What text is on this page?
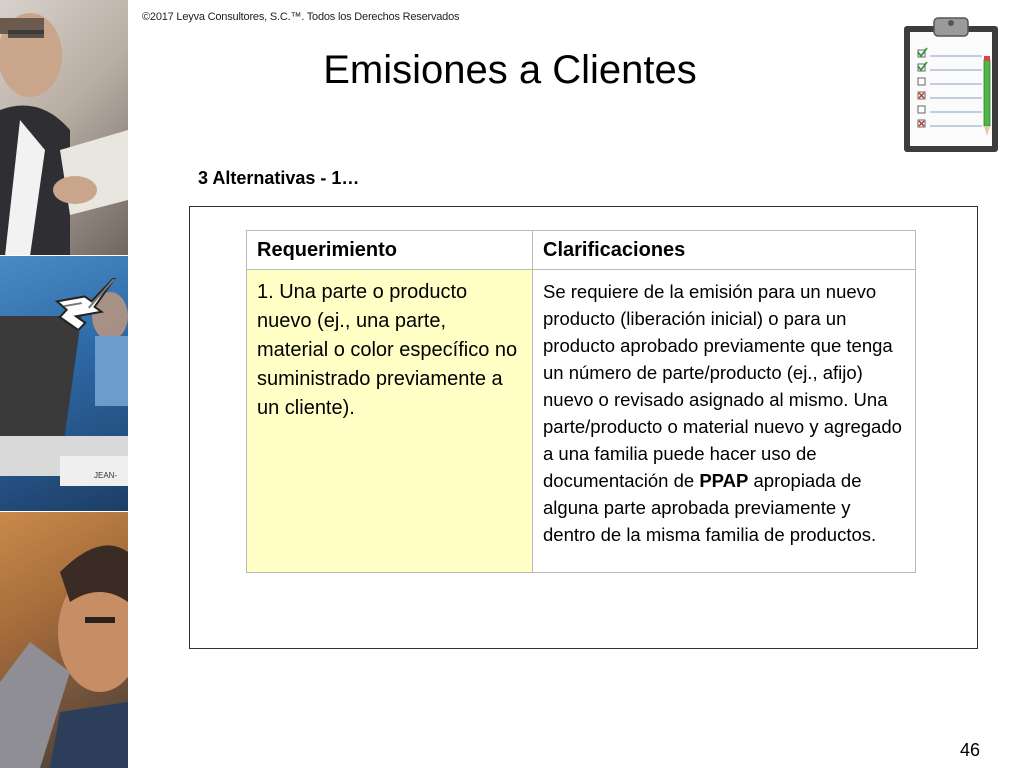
JEAN-
©2017 Leyva Consultores, S.C.™. Todos los Derechos Reservados
Emisiones a Clientes
3 Alternativas - 1…
Requerimiento	Clarificaciones
1. Una parte o producto nuevo (ej., una parte, material o color específico no suministrado previamente a un cliente).	Se requiere de la emisión para un nuevo producto (liberación inicial) o para un producto aprobado previamente que tenga un número de parte/producto (ej., afijo) nuevo o revisado asignado al mismo. Una parte/producto o material nuevo y agregado a una familia puede hacer uso de documentación de PPAP apropiada de alguna parte aprobada previamente y dentro de la misma familia de productos.
46
